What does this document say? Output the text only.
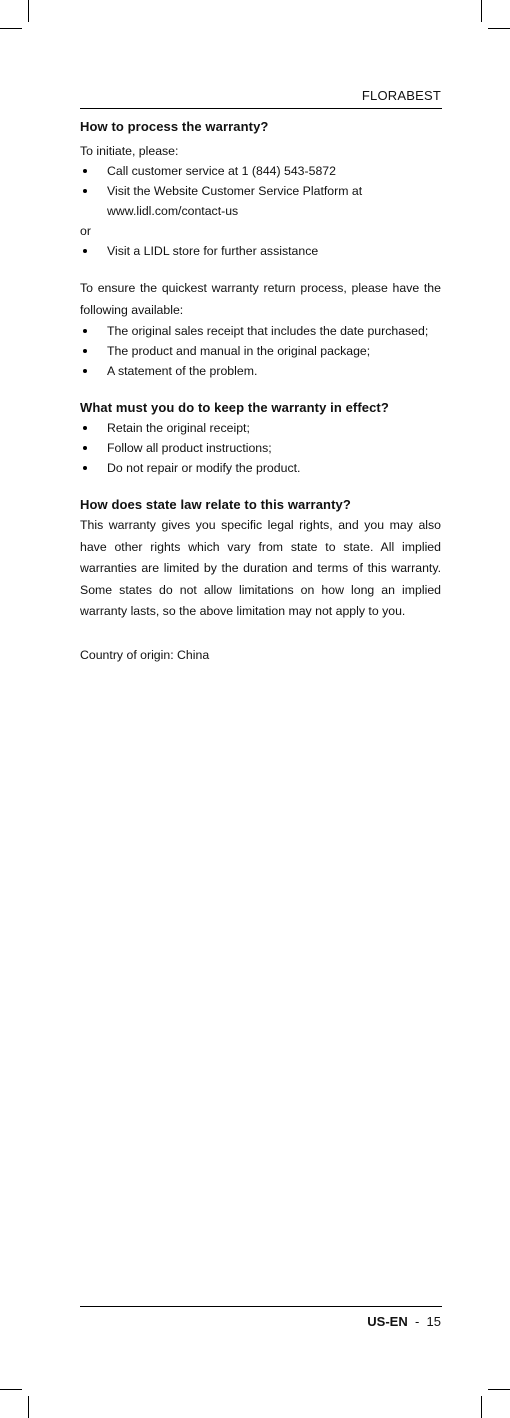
FLORABEST
How to process the warranty?

To initiate, please:

Call customer service at 1 (844) 543-5872
Visit the Website Customer Service Platform at www.lidl.com/contact-us

or

Visit a LIDL store for further assistance

To ensure the quickest warranty return process, please have the following available:

The original sales receipt that includes the date purchased;
The product and manual in the original package;
A statement of the problem.
What must you do to keep the warranty in effect?
Retain the original receipt;
Follow all product instructions;
Do not repair or modify the product.
How does state law relate to this warranty?

This warranty gives you specific legal rights, and you may also have other rights which vary from state to state. All implied warranties are limited by the duration and terms of this warranty. Some states do not allow limitations on how long an implied warranty lasts, so the above limitation may not apply to you.

Country of origin: China

US-EN - 15
